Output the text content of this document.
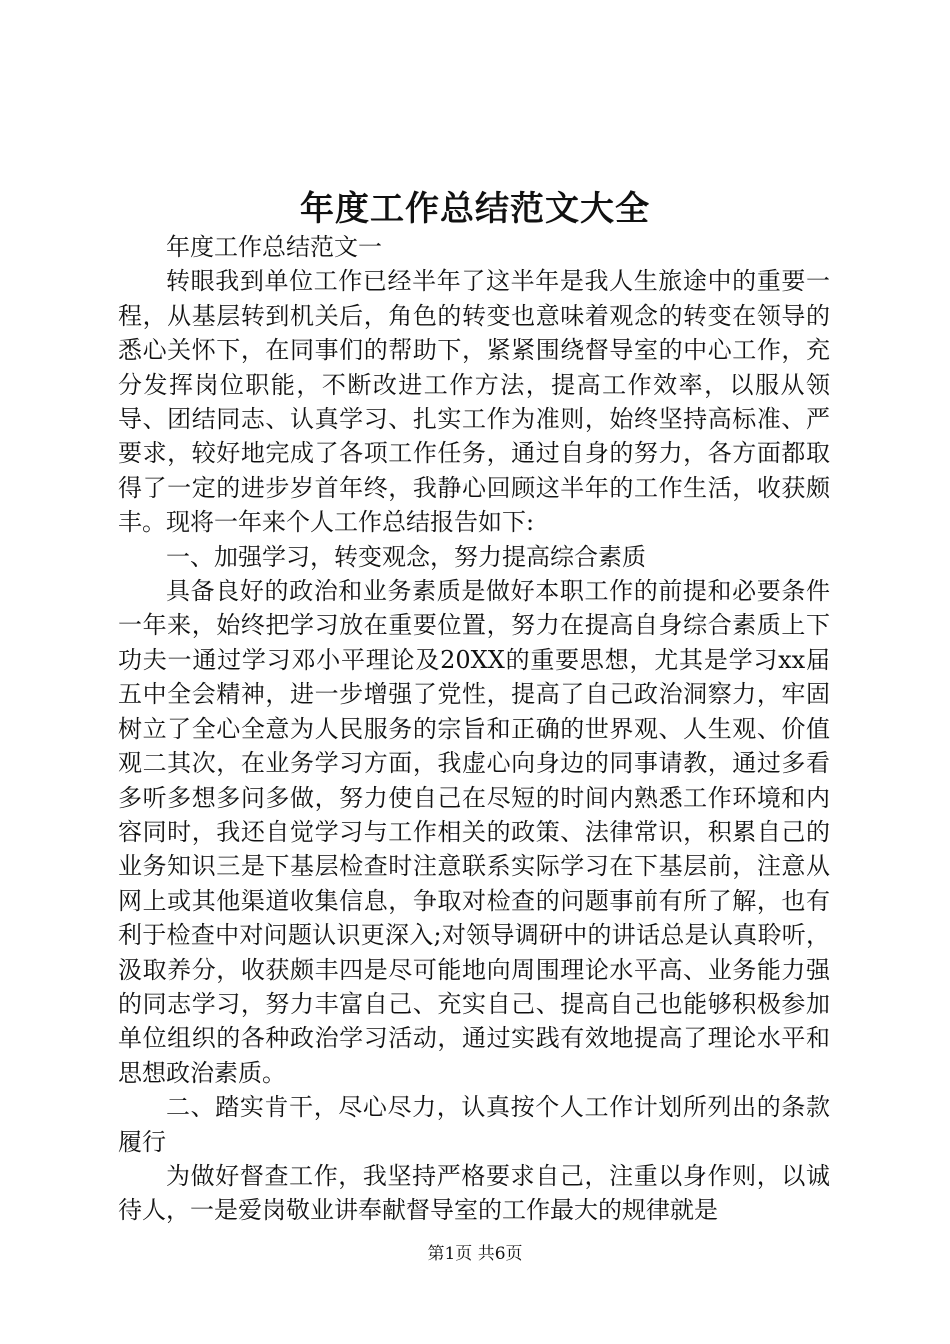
年度工作总结范文大全

年度工作总结范文一

转眼我到单位工作已经半年了这半年是我人生旅途中的重要一程，从基层转到机关后，角色的转变也意味着观念的转变在领导的悉心关怀下，在同事们的帮助下，紧紧围绕督导室的中心工作，充分发挥岗位职能，不断改进工作方法，提高工作效率，以服从领导、团结同志、认真学习、扎实工作为准则，始终坚持高标准、严要求，较好地完成了各项工作任务，通过自身的努力，各方面都取得了一定的进步岁首年终，我静心回顾这半年的工作生活，收获颇丰。现将一年来个人工作总结报告如下:

一、加强学习，转变观念，努力提高综合素质

具备良好的政治和业务素质是做好本职工作的前提和必要条件一年来，始终把学习放在重要位置，努力在提高自身综合素质上下功夫一通过学习邓小平理论及20XX的重要思想，尤其是学习xx届五中全会精神，进一步增强了党性，提高了自己政治洞察力，牢固树立了全心全意为人民服务的宗旨和正确的世界观、人生观、价值观二其次，在业务学习方面，我虚心向身边的同事请教，通过多看多听多想多问多做，努力使自己在尽短的时间内熟悉工作环境和内容同时，我还自觉学习与工作相关的政策、法律常识，积累自己的业务知识三是下基层检查时注意联系实际学习在下基层前，注意从网上或其他渠道收集信息，争取对检查的问题事前有所了解，也有利于检查中对问题认识更深入;对领导调研中的讲话总是认真聆听，汲取养分，收获颇丰四是尽可能地向周围理论水平高、业务能力强的同志学习，努力丰富自己、充实自己、提高自己也能够积极参加单位组织的各种政治学习活动，通过实践有效地提高了理论水平和思想政治素质。

二、踏实肯干，尽心尽力，认真按个人工作计划所列出的条款履行

为做好督查工作，我坚持严格要求自己，注重以身作则，以诚待人，一是爱岗敬业讲奉献督导室的工作最大的规律就是

第1页 共6页
